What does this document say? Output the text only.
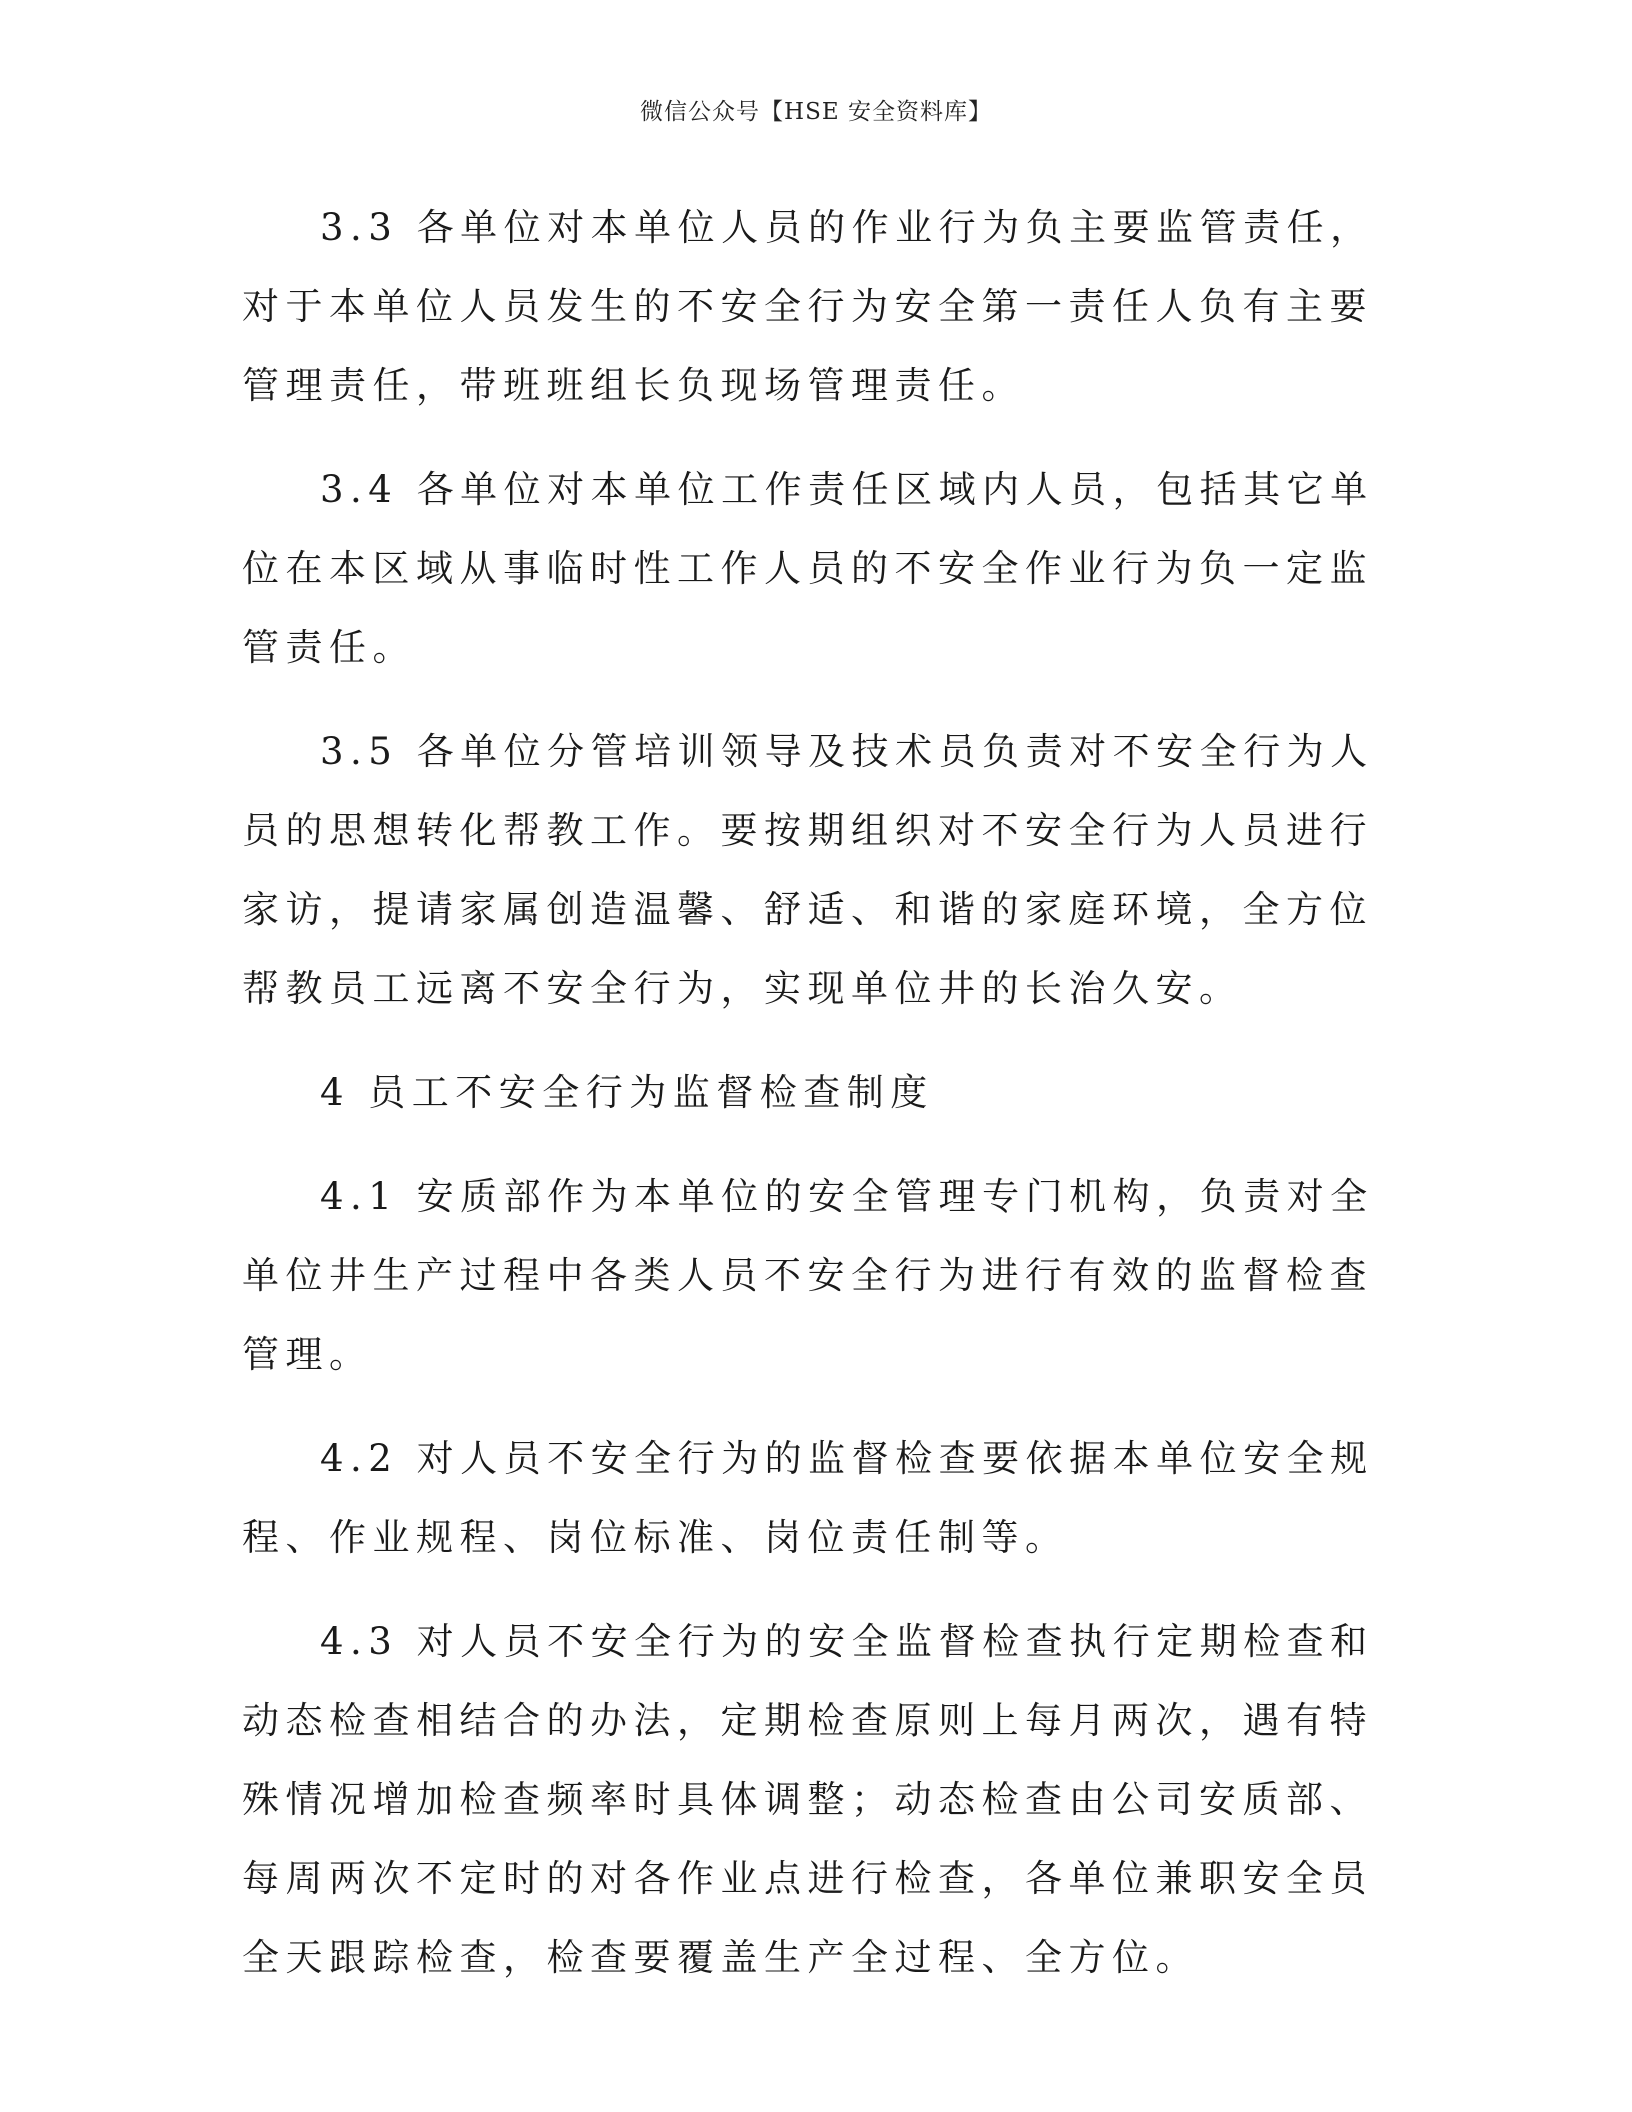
微信公众号【HSE 安全资料库】

3.3 各单位对本单位人员的作业行为负主要监管责任，对于本单位人员发生的不安全行为安全第一责任人负有主要管理责任，带班班组长负现场管理责任。

3.4 各单位对本单位工作责任区域内人员，包括其它单位在本区域从事临时性工作人员的不安全作业行为负一定监管责任。

3.5 各单位分管培训领导及技术员负责对不安全行为人员的思想转化帮教工作。要按期组织对不安全行为人员进行家访，提请家属创造温馨、舒适、和谐的家庭环境，全方位帮教员工远离不安全行为，实现单位井的长治久安。

4 员工不安全行为监督检查制度

4.1 安质部作为本单位的安全管理专门机构，负责对全单位井生产过程中各类人员不安全行为进行有效的监督检查管理。

4.2 对人员不安全行为的监督检查要依据本单位安全规程、作业规程、岗位标准、岗位责任制等。

4.3 对人员不安全行为的安全监督检查执行定期检查和动态检查相结合的办法，定期检查原则上每月两次，遇有特殊情况增加检查频率时具体调整；动态检查由公司安质部、每周两次不定时的对各作业点进行检查，各单位兼职安全员全天跟踪检查，检查要覆盖生产全过程、全方位。
